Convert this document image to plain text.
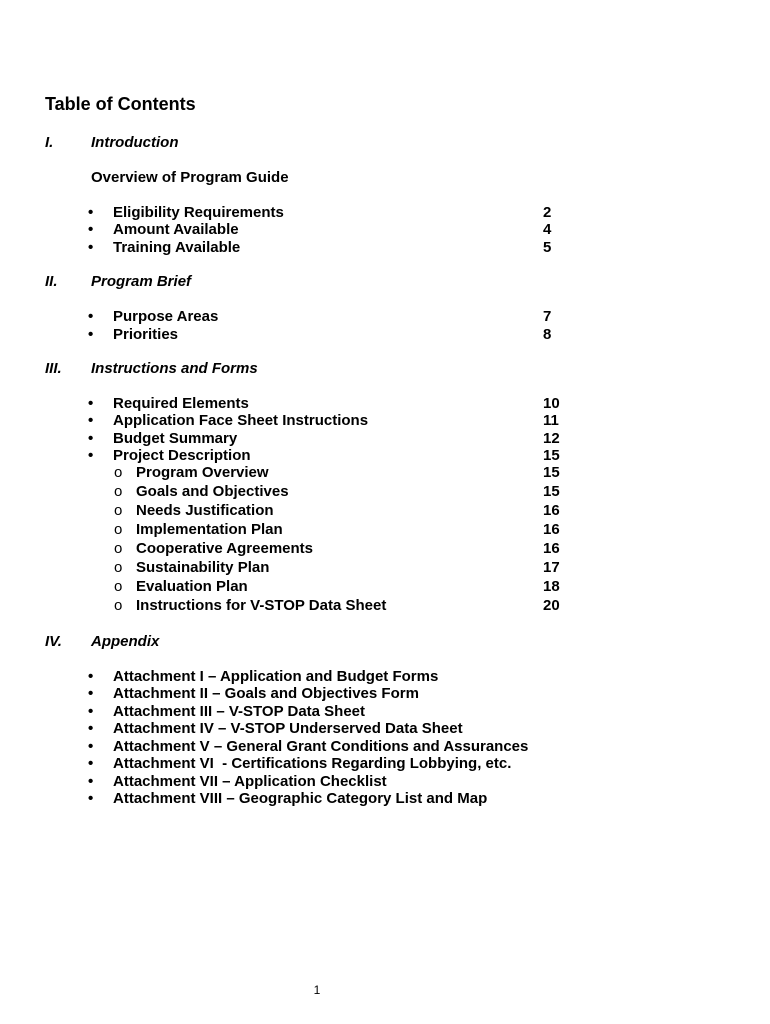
Table of Contents
I.	Introduction
Overview of Program Guide
• Eligibility Requirements	2
• Amount Available	4
• Training Available	5
II. Program Brief
• Purpose Areas	7
• Priorities	8
III. Instructions and Forms
• Required Elements	10
• Application Face Sheet Instructions	11
• Budget Summary	12
• Project Description	15
o Program Overview	15
o Goals and Objectives	15
o Needs Justification	16
o Implementation Plan	16
o Cooperative Agreements	16
o Sustainability Plan	17
o Evaluation Plan	18
o Instructions for V-STOP Data Sheet	20
IV. Appendix
• Attachment I – Application and Budget Forms
• Attachment II – Goals and Objectives Form
• Attachment III – V-STOP Data Sheet
• Attachment IV – V-STOP Underserved Data Sheet
• Attachment V – General Grant Conditions and Assurances
• Attachment VI  - Certifications Regarding Lobbying, etc.
• Attachment VII – Application Checklist
• Attachment VIII – Geographic Category List and Map
1
